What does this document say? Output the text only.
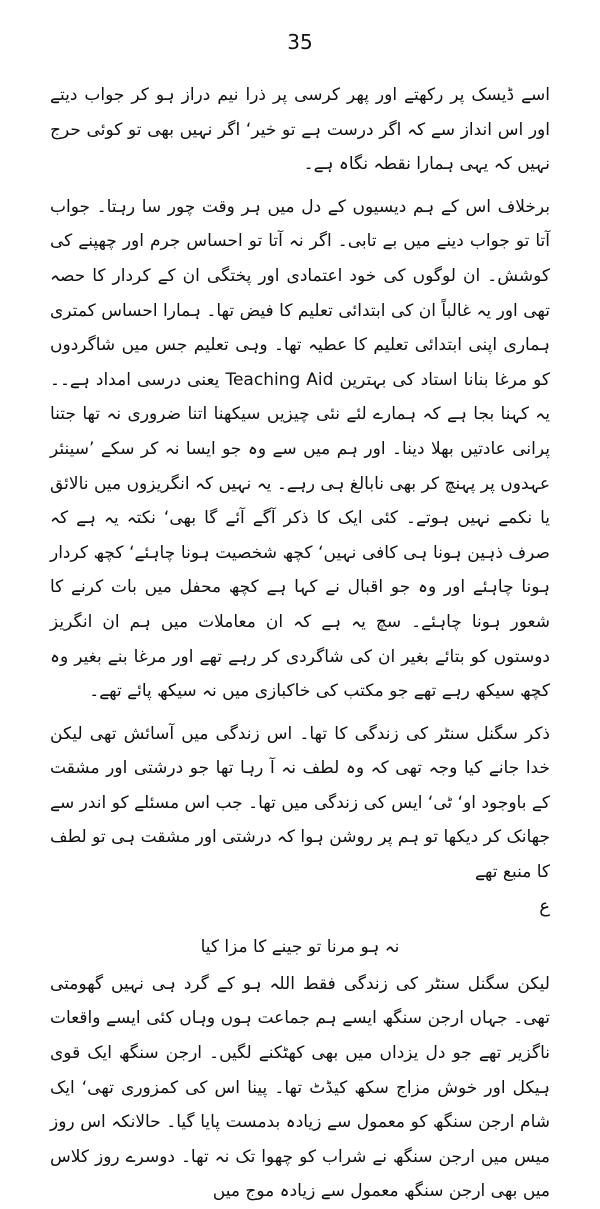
35

اسے ڈیسک پر رکھتے اور پھر کرسی پر ذرا نیم دراز ہو کر جواب دیتے اور اس انداز سے کہ اگر درست ہے تو خیر‘ اگر نہیں بھی تو کوئی حرج نہیں کہ یہی ہمارا نقطہ نگاہ ہے۔

برخلاف اس کے ہم دیسیوں کے دل میں ہر وقت چور سا رہتا۔ جواب آتا تو جواب دینے میں بے تابی۔ اگر نہ آتا تو احساس جرم اور چھپنے کی کوشش۔ ان لوگوں کی خود اعتمادی اور پختگی ان کے کردار کا حصہ تھی اور یہ غالباً ان کی ابتدائی تعلیم کا فیض تھا۔ ہمارا احساس کمتری ہماری اپنی ابتدائی تعلیم کا عطیہ تھا۔ وہی تعلیم جس میں شاگردوں کو مرغا بنانا استاد کی بہترین Teaching Aid یعنی درسی امداد ہے۔۔ یہ کہنا بجا ہے کہ ہمارے لئے نئی چیزیں سیکھنا اتنا ضروری نہ تھا جتنا پرانی عادتیں بھلا دینا۔ اور ہم میں سے وہ جو ایسا نہ کر سکے ’سینئر عہدوں پر پہنچ کر بھی نابالغ ہی رہے۔ یہ نہیں کہ انگریزوں میں نالائق یا نکمے نہیں ہوتے۔ کئی ایک کا ذکر آگے آئے گا بھی‘ نکتہ یہ ہے کہ صرف ذہین ہونا ہی کافی نہیں‘ کچھ شخصیت ہونا چاہئے‘ کچھ کردار ہونا چاہئے اور وہ جو اقبال نے کہا ہے کچھ محفل میں بات کرنے کا شعور ہونا چاہئے۔ سچ یہ ہے کہ ان معاملات میں ہم ان انگریز دوستوں کو بتائے بغیر ان کی شاگردی کر رہے تھے اور مرغا بنے بغیر وہ کچھ سیکھ رہے تھے جو مکتب کی خاکبازی میں نہ سیکھ پائے تھے۔

ذکر سگنل سنٹر کی زندگی کا تھا۔ اس زندگی میں آسائش تھی لیکن خدا جانے کیا وجہ تھی کہ وہ لطف نہ آ رہا تھا جو درشتی اور مشقت کے باوجود او‘ ٹی‘ ایس کی زندگی میں تھا۔ جب اس مسئلے کو اندر سے جھانک کر دیکھا تو ہم پر روشن ہوا کہ درشتی اور مشقت ہی تو لطف کا منبع تھے

ع

نہ ہو مرنا تو جینے کا مزا کیا

لیکن سگنل سنٹر کی زندگی فقط اللہ ہو کے گرد ہی نہیں گھومتی تھی۔ جہاں ارجن سنگھ ایسے ہم جماعت ہوں وہاں کئی ایسے واقعات ناگزیر تھے جو دل یزداں میں بھی کھٹکنے لگیں۔ ارجن سنگھ ایک قوی ہیکل اور خوش مزاج سکھ کیڈٹ تھا۔ پینا اس کی کمزوری تھی‘ ایک شام ارجن سنگھ کو معمول سے زیادہ بدمست پایا گیا۔ حالانکہ اس روز میس میں ارجن سنگھ نے شراب کو چھوا تک نہ تھا۔ دوسرے روز کلاس میں بھی ارجن سنگھ معمول سے زیادہ موج میں
